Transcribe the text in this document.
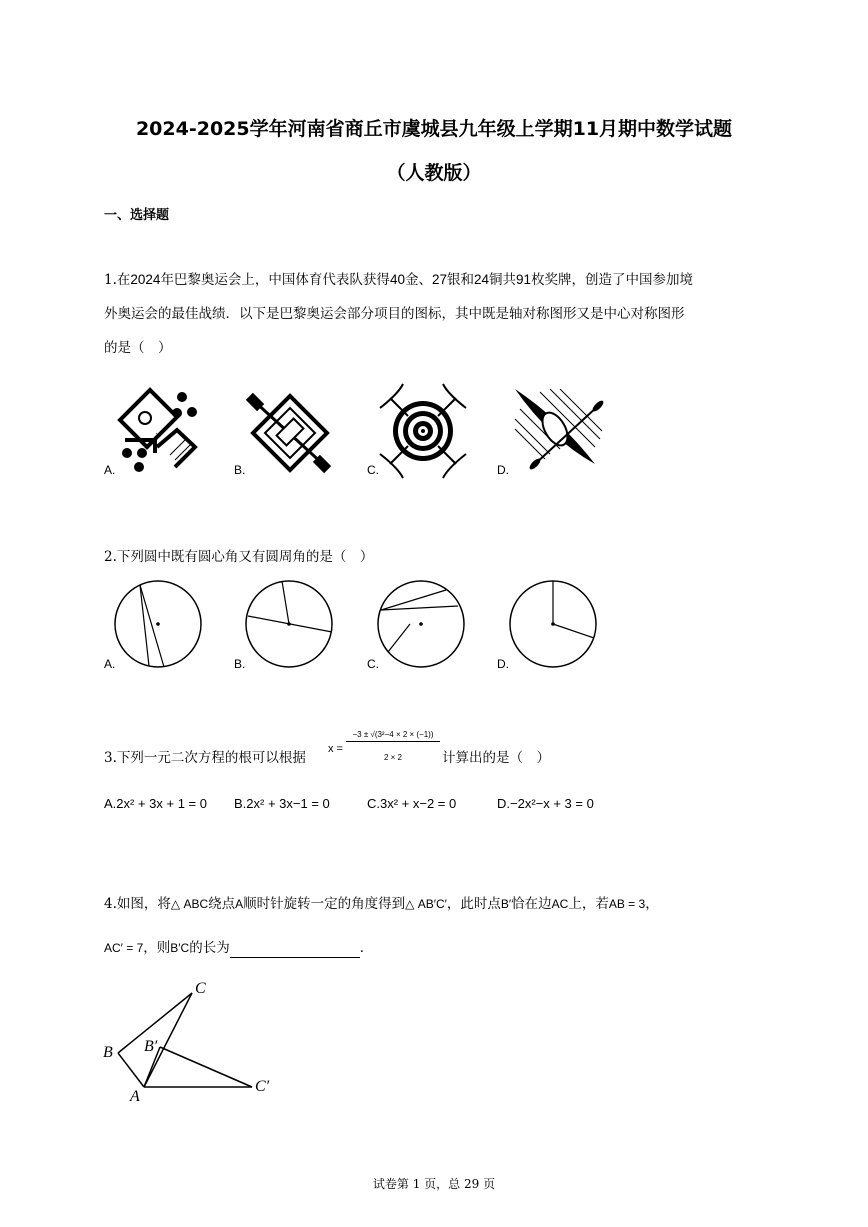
2024-2025学年河南省商丘市虞城县九年级上学期11月期中数学试题
（人教版）
一、选择题
1.在2024年巴黎奥运会上，中国体育代表队获得40金、27银和24铜共91枚奖牌，创造了中国参加境
外奥运会的最佳战绩．以下是巴黎奥运会部分项目的图标，其中既是轴对称图形又是中心对称图形
的是（　）
×
A.	B.	C.	D.
2.下列圆中既有圆心角又有圆周角的是（　）
A.	B.	C.	D.
3.下列一元二次方程的根可以根据
x =
−3 ± √(3²−4 × 2 × (−1))
2 × 2	计算出的是（　）
A.2x² + 3x + 1 = 0 B.2x² + 3x−1 = 0	C.3x² + x−2 = 0	D.−2x²−x + 3 = 0
4.如图，将△ ABC绕点A顺时针旋转一定的角度得到△ AB′C′，此时点B′恰在边AC上，若AB = 3，
AC′ = 7，则B′C的长为	．
C
B B′
A
C′
试卷第 1 页，总 29 页
